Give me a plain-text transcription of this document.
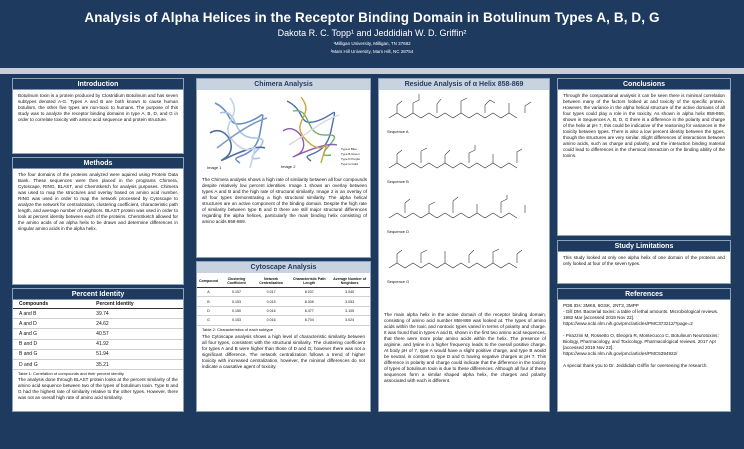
Analysis of Alpha Helices in the Receptor Binding Domain in Botulinum Types A, B, D, G
Dakota R. C. Topp¹ and Jeddidiah W. D. Griffin²
¹Milligan University, Milligan, TN 37682
²Mars Hill University, Mars Hill, NC 28754
Introduction
Botulinum toxin is a protein produced by Clostridium Botulinum and has seven subtypes denoted A-G. Types A and B are both known to cause human botulism, the other five types are non-toxic to humans. The purpose of this study was to analyze the receptor binding domains in type A, B, D, and G in order to correlate toxicity with amino acid sequence and protein structure.
Methods
The four domains of the proteins analyzed were aquired using Protein Data Bank. These sequences were then placed in the programs Chimera, Cytoscape, RING, BLAST, and ChemSketch for analysis purposes. Chimera was used to map the structures and overlay based on amino acid number. RING was used in order to map the network processed by Cytoscape to analyze the network for centralization, clustering coefficient, characteristic path length, and average number of neighbors. BLAST protein was used in order to look at percent identity between each of the proteins. ChemSketch allowed for the amino acids of an alpha helix to be drawn and determine differences in singular amino acids in the alpha helix.
Percent Identity
Compounds	Percent Identity
A and B	39.74
A and D	24.62
A and G	40.57
B and D	41.92
B and G	51.94
D and G	35.21
Table 1: Correlation of compounds and their percent identity
The analysis done through BLAST protein looks at the percent similarity of the amino acid sequence between two of the types of botulinum toxin. Type B and G had the highest rate of similarity relative to the other types. However, there was not an overall high rate of amino acid similarity.
Chimera Analysis
Image 1	Image 2
Type A Blue
Type B Green
Type D Purple
Type G Gold
The Chimera analysis shows a high rate of similarity between all four compounds despite relatively low percent identities. Image 1 shows an overlay between types A and B and the high rate of structural similarity. Image 2 is an overlay of all four types demonstrating a high structural similarity. The alpha helical structures are an active component of the binding domain. Despite the high rate of similarity between type B and D there are still major structural differences regarding the alpha helices, particularly the main binding helix consisting of amino acids 858-869.
Cytoscape Analysis
Compound	Clustering Coefficient	Network Centralization	Characteristic Path Length	Average Number of Neighbors
A	0.157	0.017	8.037	3.040
B	0.153	0.015	8.305	3.053
D	0.150	0.016	8.477	3.105
G	0.153	0.016	8.704	3.024
Table 2: Characteristics of each subtype
The Cytoscape analysis shows a high level of characteristic similarity between all four types, consistent with the structural similarity. The clustering coefficient for types A and B were higher than those of D and G; however there was not a significant difference. The network centralization follows a trend of higher toxicity with increased centralization, however, the minimal differences do not indicate a causative agent of toxicity.
Residue Analysis of α Helix 858-869
Sequence A
Sequence B
Sequence D
Sequence G
The main alpha helix in the active domain of the receptor binding domain, consisting of amino acid number 858-869 was looked at. The types of amino acids within the toxic and nontoxic types varied in terms of polarity and charge. It was found that in types A and B, shown in the first two amino acid sequences, that there were more polar amino acids within the helix. The presence of arginine, and lysine in a higher frequency leads to the overall positive charge. At body pH of 7, type A would have a slight positive charge, and type B would be neutral, in contrast to type D and G having negative charges at pH 7. This difference in polarity and charge could indicate that the difference in the toxicity of types of botulinum toxin is due to these differences. Although all four of these sequences form a similar shaped alpha helix, the charges and polarity associated with each is different.
Conclusions
Through the computational analysis it can be seen there is minimal correlation between many of the factors looked at and toxicity of the specific protein. However, the variance in the alpha helical structure of the active domains of all four types could play a role in the toxicity. As shown in alpha helix 858-869, shown in Sequences A, B, D, G there is a difference in the polarity and charge of the helix at pH 7, this could be indicative of the reasoning for variances in the toxicity between types. There is also a low percent identity between the types, though the structures are very similar. Slight differences of interactions between amino acids, such as charge and polarity, and the interaction binding material could lead to differences in the chemical interaction or the binding ability of the toxins.
Study Limitations
This study looked at only one alpha helix of one domain of the proteins and only looked at four of the seven types.
References
PDB IDs: 3MK8, 6GSK, 2NT3, 3MPP
- Gill DM. Bacterial toxins: a table of lethal amounts. Microbiological reviews. 1982 Mar [accessed 2019 Nov 22]. https://www.ncbi.nlm.nih.gov/pmc/articles/PMC373212/?page=2

- Pirazzini M, Rossetto O, Eleopra R, Montecucco C. Botulinum Neurotoxins: Biology, Pharmacology, and Toxicology. Pharmacological reviews. 2017 Apr [accessed 2019 Nov 22]. https://www.ncbi.nlm.nih.gov/pmc/articles/PMC5394922/

A special thank you to Dr. Jeddidiah Griffin for overseeing the research.
